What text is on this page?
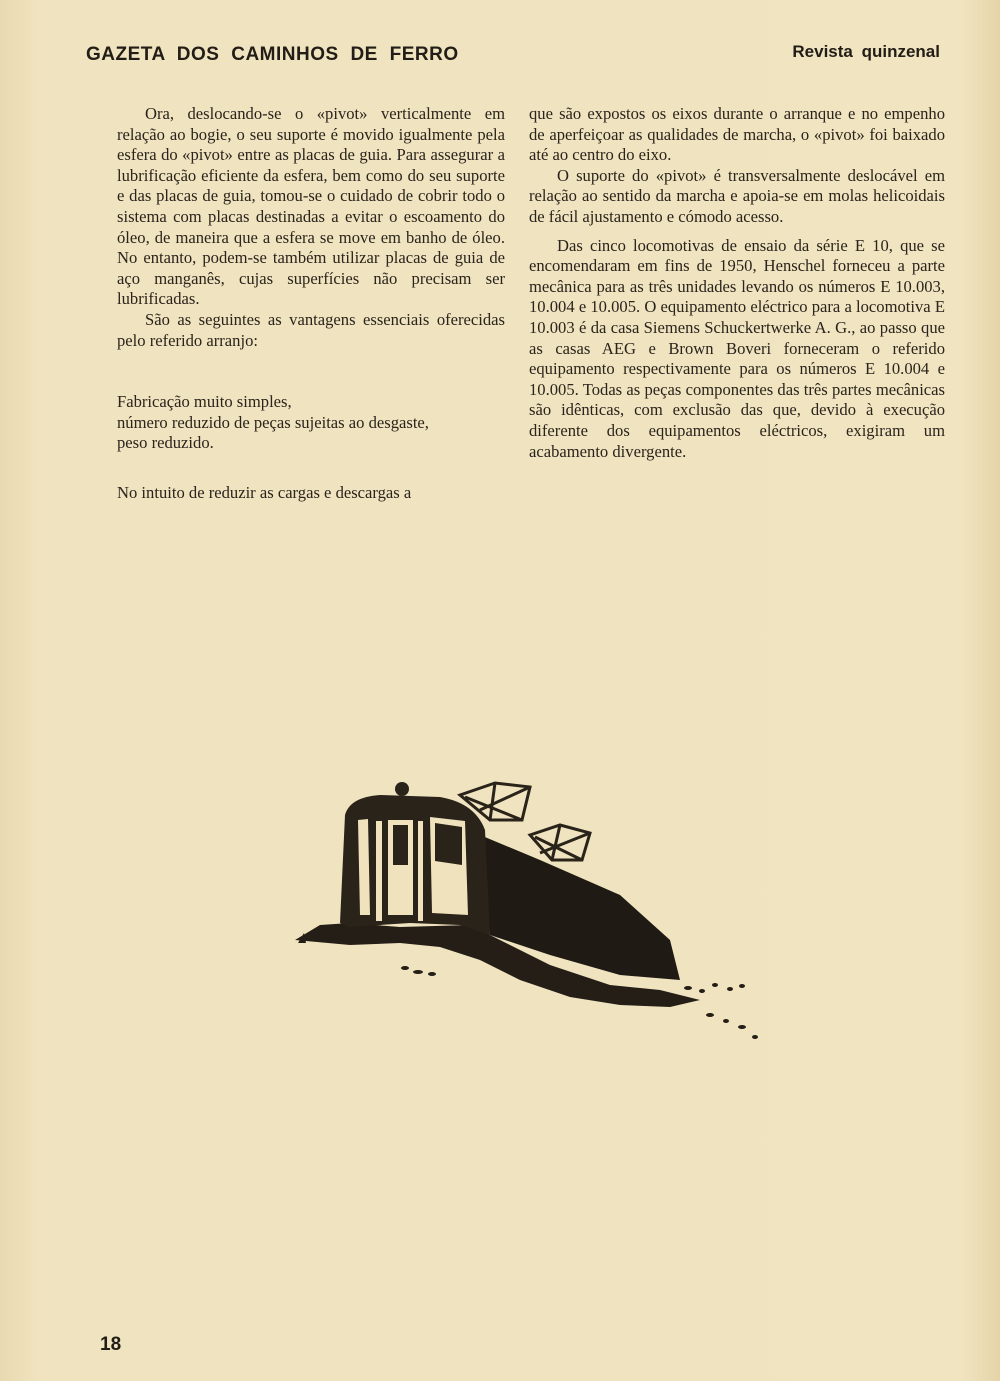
GAZETA DOS CAMINHOS DE FERRO	Revista quinzenal

Ora, deslocando-se o «pivot» verticalmente em relação ao bogie, o seu suporte é movido igualmente pela esfera do «pivot» entre as placas de guia. Para assegurar a lubrificação eficiente da esfera, bem como do seu suporte e das placas de guia, tomou-se o cuidado de cobrir todo o sistema com placas destinadas a evitar o escoamento do óleo, de maneira que a esfera se move em banho de óleo. No entanto, podem-se também utilizar placas de guia de aço manganês, cujas superfícies não precisam ser lubrificadas.

São as seguintes as vantagens essenciais oferecidas pelo referido arranjo:

Fabricação muito simples,
número reduzido de peças sujeitas ao desgaste,
peso reduzido.

No intuito de reduzir as cargas e descargas a

que são expostos os eixos durante o arranque e no empenho de aperfeiçoar as qualidades de marcha, o «pivot» foi baixado até ao centro do eixo.

O suporte do «pivot» é transversalmente deslocável em relação ao sentido da marcha e apoia-se em molas helicoidais de fácil ajustamento e cómodo acesso.

Das cinco locomotivas de ensaio da série E 10, que se encomendaram em fins de 1950, Henschel forneceu a parte mecânica para as três unidades levando os números E 10.003, 10.004 e 10.005. O equipamento eléctrico para a locomotiva E 10.003 é da casa Siemens Schuckertwerke A. G., ao passo que as casas AEG e Brown Boveri forneceram o referido equipamento respectivamente para os números E 10.004 e 10.005. Todas as peças componentes das três partes mecânicas são idênticas, com exclusão das que, devido à execução diferente dos equipamentos eléctricos, exigiram um acabamento divergente.

18
